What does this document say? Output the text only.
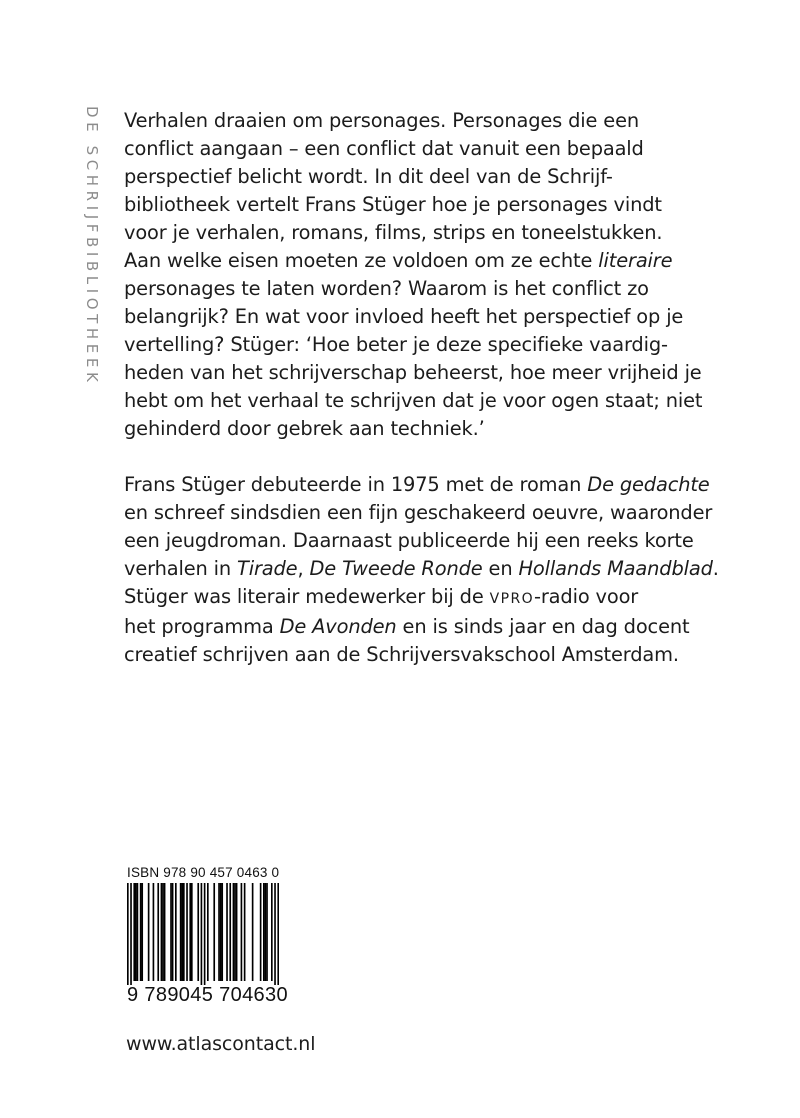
DE SCHRIJFBIBLIOTHEEK Verhalen draaien om personages. Personages die een
conflict aangaan – een conflict dat vanuit een bepaald
perspectief belicht wordt. In dit deel van de Schrijf-
bibliotheek vertelt Frans Stüger hoe je personages vindt
voor je verhalen, romans, films, strips en toneelstukken.
Aan welke eisen moeten ze voldoen om ze echte literaire
personages te laten worden? Waarom is het conflict zo
belangrijk? En wat voor invloed heeft het perspectief op je
vertelling? Stüger: ‘Hoe beter je deze specifieke vaardig-
heden van het schrijverschap beheerst, hoe meer vrijheid je
hebt om het verhaal te schrijven dat je voor ogen staat; niet
gehinderd door gebrek aan techniek.’

Frans Stüger debuteerde in 1975 met de roman De gedachte
en schreef sindsdien een fijn geschakeerd oeuvre, waaronder
een jeugdroman. Daarnaast publiceerde hij een reeks korte
verhalen in Tirade, De Tweede Ronde en Hollands Maandblad.
Stüger was literair medewerker bij de VPRO-radio voor
het programma De Avonden en is sinds jaar en dag docent
creatief schrijven aan de Schrijversvakschool Amsterdam.

ISBN 978 90 457 0463 0
9 789045 704630
www.atlascontact.nl
